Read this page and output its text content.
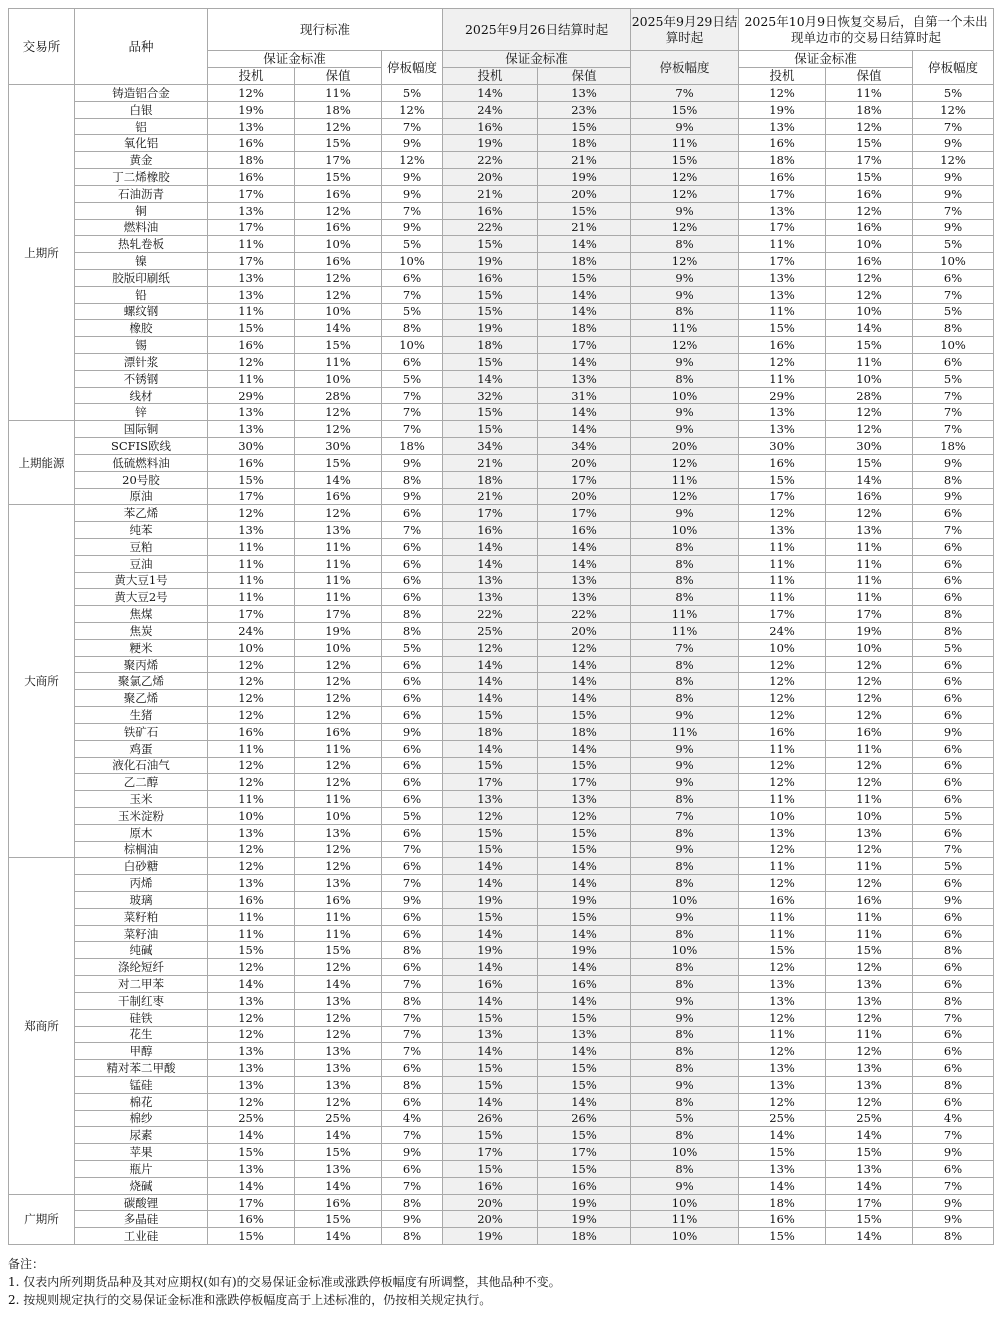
交易所	品种	现行标准			2025年9月26日结算时起		2025年9月29日结算时起	2025年10月9日恢复交易后，自第一个未出现单边市的交易日结算时起		
		保证金标准		停板幅度	保证金标准		停板幅度	保证金标准		停板幅度
		投机	保值		投机	保值		投机	保值	
上期所	铸造铝合金	12%	11%	5%	14%	13%	7%	12%	11%	5%
	白银	19%	18%	12%	24%	23%	15%	19%	18%	12%
	铝	13%	12%	7%	16%	15%	9%	13%	12%	7%
	氧化铝	16%	15%	9%	19%	18%	11%	16%	15%	9%
	黄金	18%	17%	12%	22%	21%	15%	18%	17%	12%
	丁二烯橡胶	16%	15%	9%	20%	19%	12%	16%	15%	9%
	石油沥青	17%	16%	9%	21%	20%	12%	17%	16%	9%
	铜	13%	12%	7%	16%	15%	9%	13%	12%	7%
	燃料油	17%	16%	9%	22%	21%	12%	17%	16%	9%
	热轧卷板	11%	10%	5%	15%	14%	8%	11%	10%	5%
	镍	17%	16%	10%	19%	18%	12%	17%	16%	10%
	胶版印刷纸	13%	12%	6%	16%	15%	9%	13%	12%	6%
	铅	13%	12%	7%	15%	14%	9%	13%	12%	7%
	螺纹钢	11%	10%	5%	15%	14%	8%	11%	10%	5%
	橡胶	15%	14%	8%	19%	18%	11%	15%	14%	8%
	锡	16%	15%	10%	18%	17%	12%	16%	15%	10%
	漂针浆	12%	11%	6%	15%	14%	9%	12%	11%	6%
	不锈钢	11%	10%	5%	14%	13%	8%	11%	10%	5%
	线材	29%	28%	7%	32%	31%	10%	29%	28%	7%
	锌	13%	12%	7%	15%	14%	9%	13%	12%	7%
上期能源	国际铜	13%	12%	7%	15%	14%	9%	13%	12%	7%
	SCFIS欧线	30%	30%	18%	34%	34%	20%	30%	30%	18%
	低硫燃料油	16%	15%	9%	21%	20%	12%	16%	15%	9%
	20号胶	15%	14%	8%	18%	17%	11%	15%	14%	8%
	原油	17%	16%	9%	21%	20%	12%	17%	16%	9%
大商所	苯乙烯	12%	12%	6%	17%	17%	9%	12%	12%	6%
	纯苯	13%	13%	7%	16%	16%	10%	13%	13%	7%
	豆粕	11%	11%	6%	14%	14%	8%	11%	11%	6%
	豆油	11%	11%	6%	14%	14%	8%	11%	11%	6%
	黄大豆1号	11%	11%	6%	13%	13%	8%	11%	11%	6%
	黄大豆2号	11%	11%	6%	13%	13%	8%	11%	11%	6%
	焦煤	17%	17%	8%	22%	22%	11%	17%	17%	8%
	焦炭	24%	19%	8%	25%	20%	11%	24%	19%	8%
	粳米	10%	10%	5%	12%	12%	7%	10%	10%	5%
	聚丙烯	12%	12%	6%	14%	14%	8%	12%	12%	6%
	聚氯乙烯	12%	12%	6%	14%	14%	8%	12%	12%	6%
	聚乙烯	12%	12%	6%	14%	14%	8%	12%	12%	6%
	生猪	12%	12%	6%	15%	15%	9%	12%	12%	6%
	铁矿石	16%	16%	9%	18%	18%	11%	16%	16%	9%
	鸡蛋	11%	11%	6%	14%	14%	9%	11%	11%	6%
	液化石油气	12%	12%	6%	15%	15%	9%	12%	12%	6%
	乙二醇	12%	12%	6%	17%	17%	9%	12%	12%	6%
	玉米	11%	11%	6%	13%	13%	8%	11%	11%	6%
	玉米淀粉	10%	10%	5%	12%	12%	7%	10%	10%	5%
	原木	13%	13%	6%	15%	15%	8%	13%	13%	6%
	棕榈油	12%	12%	7%	15%	15%	9%	12%	12%	7%
郑商所	白砂糖	12%	12%	6%	14%	14%	8%	11%	11%	5%
	丙烯	13%	13%	7%	14%	14%	8%	12%	12%	6%
	玻璃	16%	16%	9%	19%	19%	10%	16%	16%	9%
	菜籽粕	11%	11%	6%	15%	15%	9%	11%	11%	6%
	菜籽油	11%	11%	6%	14%	14%	8%	11%	11%	6%
	纯碱	15%	15%	8%	19%	19%	10%	15%	15%	8%
	涤纶短纤	12%	12%	6%	14%	14%	8%	12%	12%	6%
	对二甲苯	14%	14%	7%	16%	16%	8%	13%	13%	6%
	干制红枣	13%	13%	8%	14%	14%	9%	13%	13%	8%
	硅铁	12%	12%	7%	15%	15%	9%	12%	12%	7%
	花生	12%	12%	7%	13%	13%	8%	11%	11%	6%
	甲醇	13%	13%	7%	14%	14%	8%	12%	12%	6%
	精对苯二甲酸	13%	13%	6%	15%	15%	8%	13%	13%	6%
	锰硅	13%	13%	8%	15%	15%	9%	13%	13%	8%
	棉花	12%	12%	6%	14%	14%	8%	12%	12%	6%
	棉纱	25%	25%	4%	26%	26%	5%	25%	25%	4%
	尿素	14%	14%	7%	15%	15%	8%	14%	14%	7%
	苹果	15%	15%	9%	17%	17%	10%	15%	15%	9%
	瓶片	13%	13%	6%	15%	15%	8%	13%	13%	6%
	烧碱	14%	14%	7%	16%	16%	9%	14%	14%	7%
广期所	碳酸锂	17%	16%	8%	20%	19%	10%	18%	17%	9%
	多晶硅	16%	15%	9%	20%	19%	11%	16%	15%	9%
	工业硅	15%	14%	8%	19%	18%	10%	15%	14%	8%
备注：
1. 仅表内所列期货品种及其对应期权(如有)的交易保证金标准或涨跌停板幅度有所调整，其他品种不变。
2. 按规则规定执行的交易保证金标准和涨跌停板幅度高于上述标准的，仍按相关规定执行。
